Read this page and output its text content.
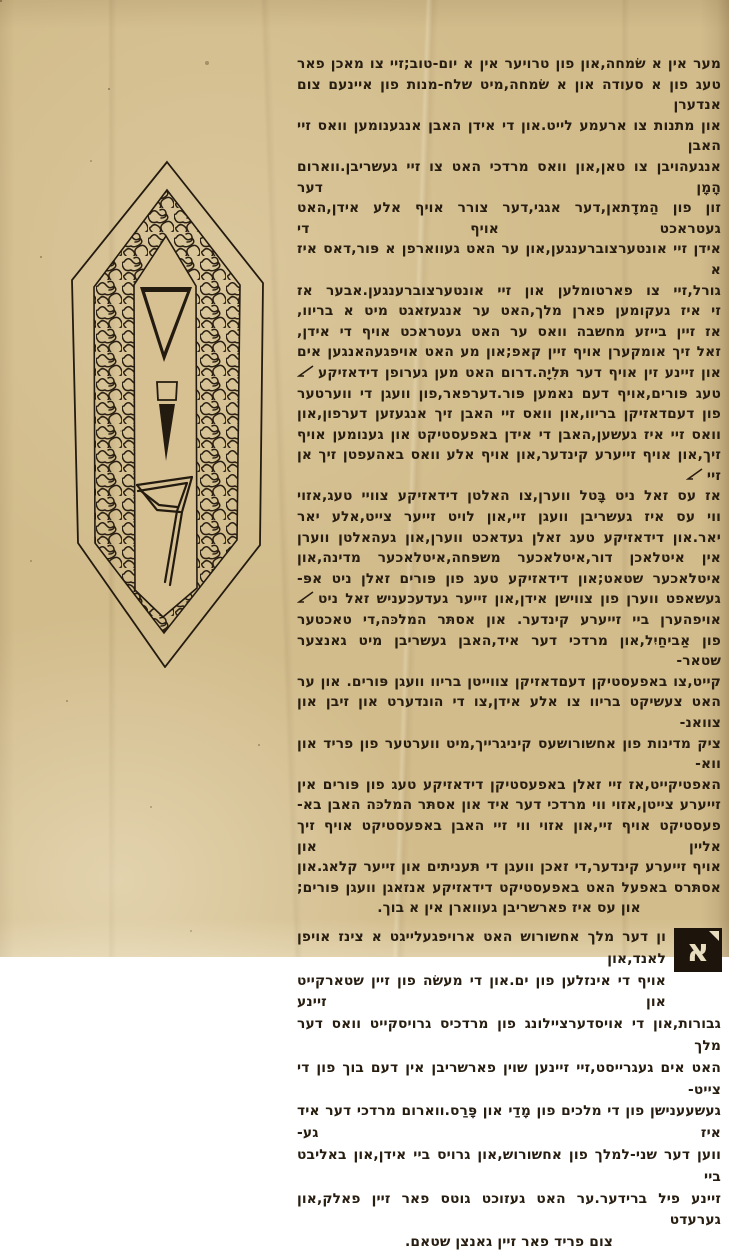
מער אין א שׂמחה,און פון טרויער אין א יום-טוב;זיי צו מאכן פאר
טעג פון א סעודה און א שׂמחה,מיט שלח-מנות פון איינעם צום אנדערן
און מתנות צו ארעמע לייט.און די אידן האבן אנגענומען וואס זיי האבן
אנגעהויבן צו טאן,און וואס מרדכי האט צו זיי געשריבן.ווארום הָמָן דער
זון פון הַמדָתאן,דער אגגי,דער צורר אויף אלע אידן,האט געטראכט אויף די
אידן זיי אונטערצוברענגען,און ער האט געווארפן א פּור,דאס איז א
גורל,זיי צו פארטומלען און זיי אונטערצוברענגען.אבער אז
זי איז געקומען פארן מלך,האט ער אנגעזאגט מיט א בריוו,
אז זיין בייזע מחשבה וואס ער האט געטראכט אויף די אידן,
זאל זיך אומקערן אויף זיין קאפ;און מע האט אויפגעהאנגען אים
און זיינע זין אויף דער תּלִיָה.דרום האט מען גערופן דידאזיקע
טעג פּורים,אויף דעם נאמען פּור.דערפאר,פון וועגן די ווערטער
פון דעםדאזיקן בריוו,און וואס זיי האבן זיך אנגעזען דערפון,און
וואס זיי איז געשען,האבן די אידן באפעסטיקט און גענומען אויף
זיך,און אויף זייערע קינדער,און אויף אלע וואס באהעפטן זיך אן זיי
אז עס זאל ניט בָּטל ווערן,צו האלטן דידאזיקע צוויי טעג,אזוי
ווי עס איז געשריבן וועגן זיי,און לויט זייער צייט,אלע יאר
יאר.און דידאזיקע טעג זאלן געדאכט ווערן,און געהאלטן ווערן
אין איטלאכן דור,איטלאכער משפּחה,איטלאכער מדינה,און
איטלאכער שטאט;און דידאזיקע טעג פון פּורים זאלן ניט אפּ-
געשאפט ווערן פון צווישן אידן,און זייער געדעכעניש זאל ניט
אויפהערן ביי זייערע קינדער. און אסתּר המלכּה,די טאכטער
פון אַביחַיִל,און מרדכי דער איד,האבן געשריבן מיט גאנצער שטאר-
קייט,צו באפעסטיקן דעםדאזיקן צווייטן בריוו וועגן פּורים. און ער
האט צעשיקט בריוו צו אלע אידן,צו די הונדערט און זיבן און צוואנ-
ציק מדינות פון אחשורושעס קיניגרייך,מיט ווערטער פון פריד און ווא-
האפטיקייט,אז זיי זאלן באפעסטיקן דידאזיקע טעג פון פּורים אין
זייערע צייטן,אזוי ווי מרדכי דער איד און אסתּר המלכּה האבן בא-
פעסטיקט אויף זיי,און אזוי ווי זיי האבן באפעסטיקט אויף זיך אליין און
אויף זייערע קינדער,די זאכן וועגן די תּעניתים און זייער קלאג.און
אסתּרס באפעל האט באפעסטיקט דידאזיקע אנזאגן וועגן פּורים;
און עס איז פארשריבן געווארן אין א בוך.
א
ון דער מלך אחשורוש האט ארויפגעלייגט א צינז אויפן לאנד,און
אויף די אינזלען פון ים.און די מעשׂה פון זיין שטארקייט און זיינע
גבורות,און די אויסדערציילונג פון מרדכיס גרויסקייט וואס דער מלך
האט אים געגרייסט,זיי זיינען שוין פארשריבן אין דעם בוך פון די צייט-
געשעענישן פון די מלכים פון מָדַי און פָּרַס.ווארום מרדכי דער איד איז גע-
ווען דער שני-למלך פון אחשורוש,און גרויס ביי אידן,און באליבט ביי
זיינע פיל ברידער.ער האט געזוכט גוטס פאר זיין פאלק,און גערעדט
צום פריד פאר זיין גאנצן שטאם.
